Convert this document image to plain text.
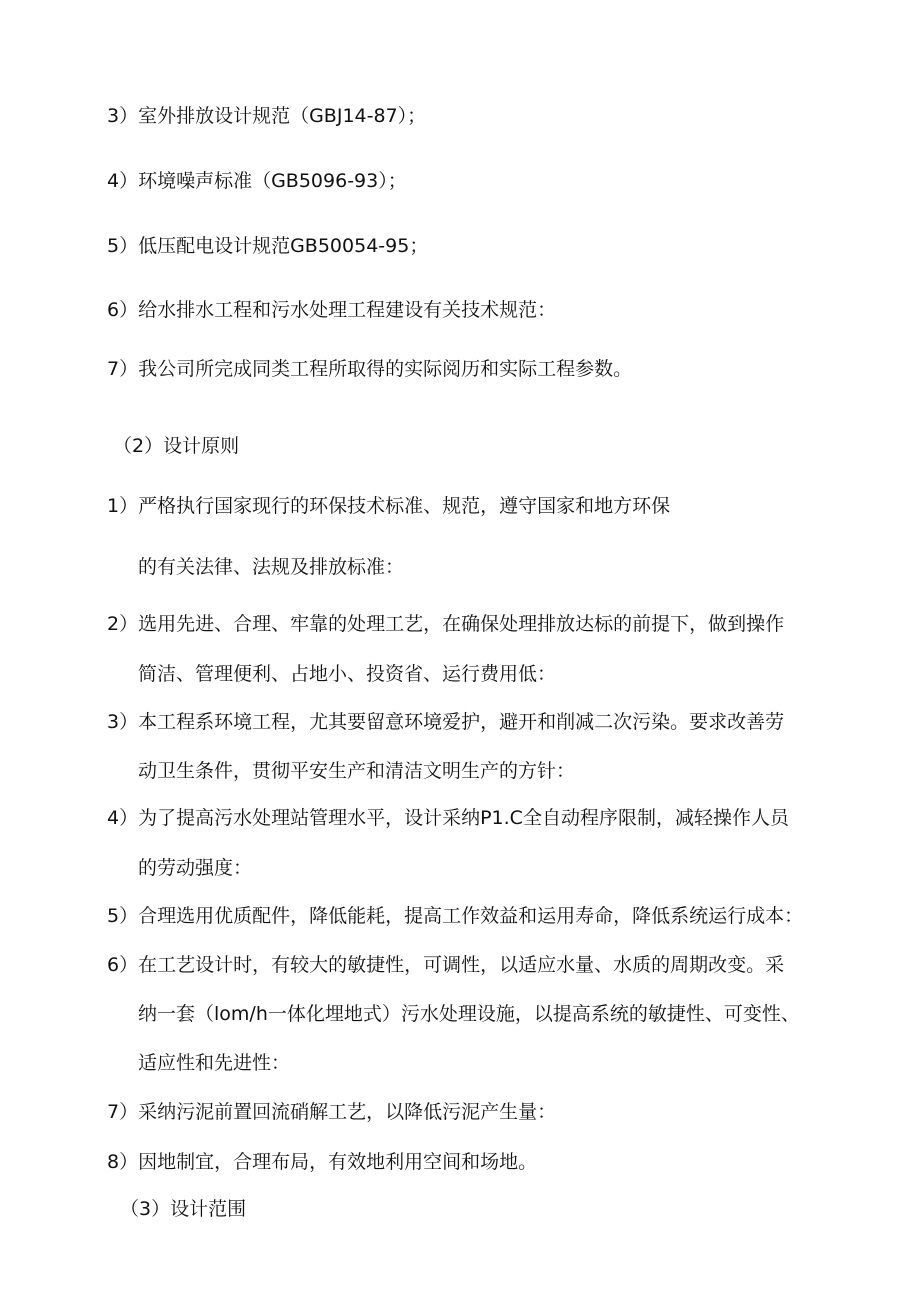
3）室外排放设计规范（GBJ14-87）；
4）环境噪声标准（GB5096-93）；
5）低压配电设计规范GB50054-95；
6）给水排水工程和污水处理工程建设有关技术规范：
7）我公司所完成同类工程所取得的实际阅历和实际工程参数。
（2）设计原则
1）严格执行国家现行的环保技术标准、规范，遵守国家和地方环保
的有关法律、法规及排放标准：
2）选用先进、合理、牢靠的处理工艺，在确保处理排放达标的前提下，做到操作
简洁、管理便利、占地小、投资省、运行费用低：
3）本工程系环境工程，尤其要留意环境爱护，避开和削减二次污染。要求改善劳
动卫生条件，贯彻平安生产和清洁文明生产的方针：
4）为了提高污水处理站管理水平，设计采纳P1.C全自动程序限制，减轻操作人员
的劳动强度：
5）合理选用优质配件，降低能耗，提高工作效益和运用寿命，降低系统运行成本：
6）在工艺设计时，有较大的敏捷性，可调性，以适应水量、水质的周期改变。采
纳一套（lom∕h一体化埋地式）污水处理设施，以提高系统的敏捷性、可变性、
适应性和先进性：
7）采纳污泥前置回流硝解工艺，以降低污泥产生量：
8）因地制宜，合理布局，有效地利用空间和场地。
（3）设计范围
